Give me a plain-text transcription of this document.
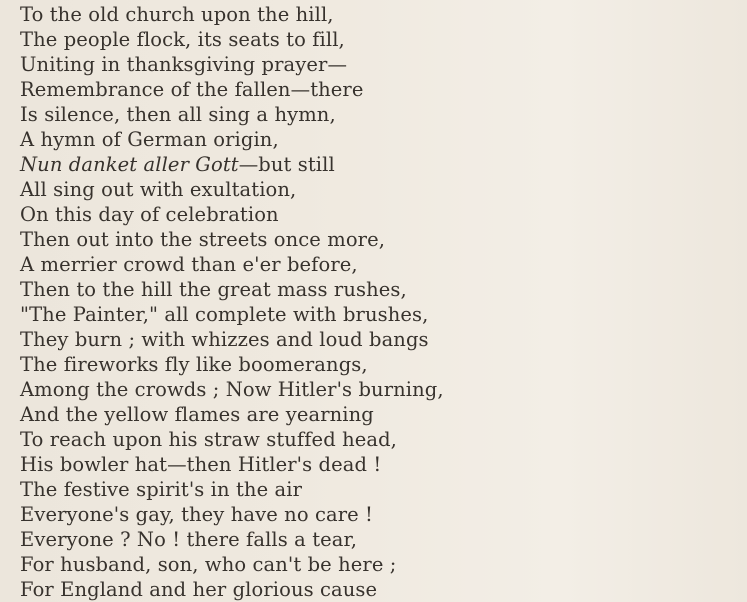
To the old church upon the hill,
The people flock, its seats to fill,
Uniting in thanksgiving prayer—
Remembrance of the fallen—there
Is silence, then all sing a hymn,
A hymn of German origin,
Nun danket aller Gott—but still
All sing out with exultation,
On this day of celebration
Then out into the streets once more,
A merrier crowd than e'er before,
Then to the hill the great mass rushes,
"The Painter," all complete with brushes,
They burn ; with whizzes and loud bangs
The fireworks fly like boomerangs,
Among the crowds ; Now Hitler's burning,
And the yellow flames are yearning
To reach upon his straw stuffed head,
His bowler hat—then Hitler's dead !
The festive spirit's in the air
Everyone's gay, they have no care !
Everyone ? No ! there falls a tear,
For husband, son, who can't be here ;
For England and her glorious cause
